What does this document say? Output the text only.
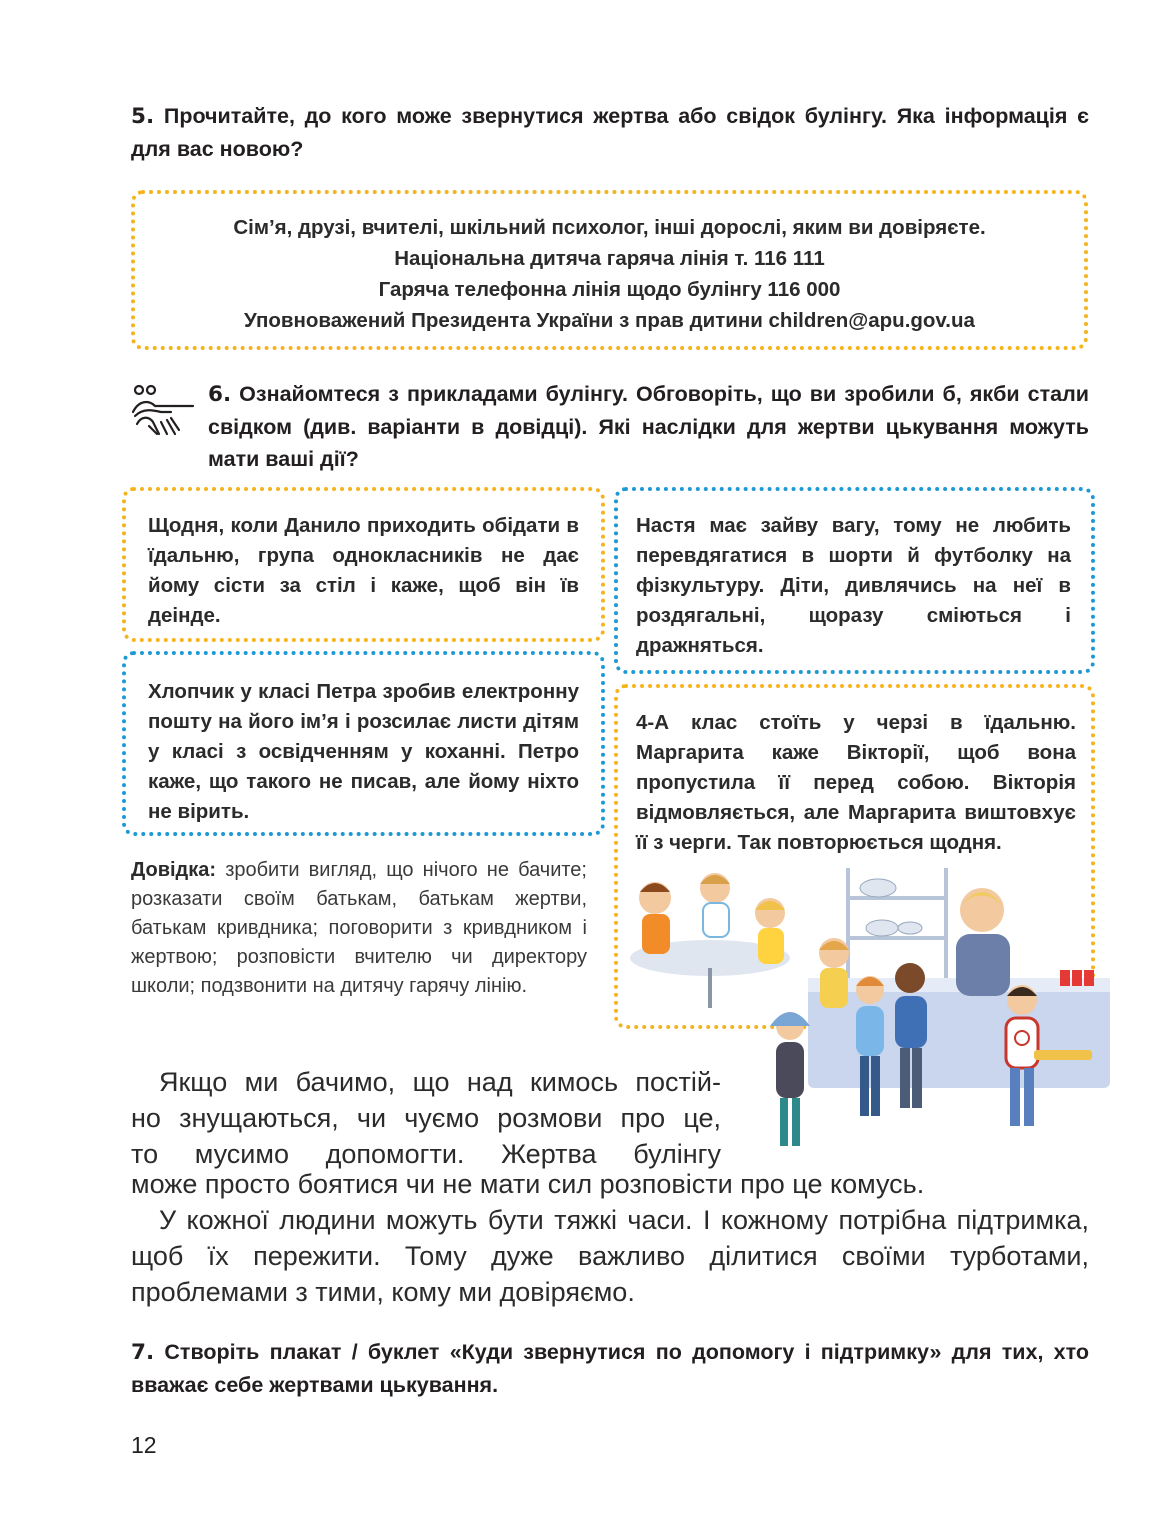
5. Прочитайте, до кого може звернутися жертва або свідок булінгу. Яка інформація є для вас новою?
Сім’я, друзі, вчителі, шкільний психолог, інші дорослі, яким ви довіряєте.
Національна дитяча гаряча лінія т. 116 111
Гаряча телефонна лінія щодо булінгу 116 000
Уповноважений Президента України з прав дитини children@apu.gov.ua
6. Ознайомтеся з прикладами булінгу. Обговоріть, що ви зробили б, якби стали свідком (див. варіанти в довідці). Які наслідки для жертви цькування можуть мати ваші дії?
Щодня, коли Данило приходить обідати в їдальню, група однокласників не дає йому сісти за стіл і каже, щоб він їв деінде.
Настя має зайву вагу, тому не любить перевдягатися в шорти й футболку на фізкультуру. Діти, дивлячись на неї в роздягальні, щоразу сміються і дражняться.
Хлопчик у класі Петра зробив електронну пошту на його ім’я і розсилає листи дітям у класі з освідченням у коханні. Петро каже, що такого не писав, але йому ніхто не вірить.
4-А клас стоїть у черзі в їдальню. Маргарита каже Вікторії, щоб вона пропустила її перед собою. Вікторія відмовляється, але Маргарита виштовхує її з черги. Так повторюється щодня.
Довідка: зробити вигляд, що нічого не бачите; розказати своїм батькам, батькам жертви, батькам кривдника; поговорити з кривдником і жертвою; розповісти вчителю чи директору школи; подзвонити на дитячу гарячу лінію.
Якщо ми бачимо, що над кимось постій-
но знущаються, чи чуємо розмови про це,
то мусимо допомогти. Жертва булінгу
може просто боятися чи не мати сил розповісти про це комусь.
У кожної людини можуть бути тяжкі часи. І кожному потрібна підтримка, щоб їх пережити. Тому дуже важливо ділитися своїми турботами, проблемами з тими, кому ми довіряємо.
7. Створіть плакат / буклет «Куди звернутися по допомогу і підтримку» для тих, хто вважає себе жертвами цькування.
12
